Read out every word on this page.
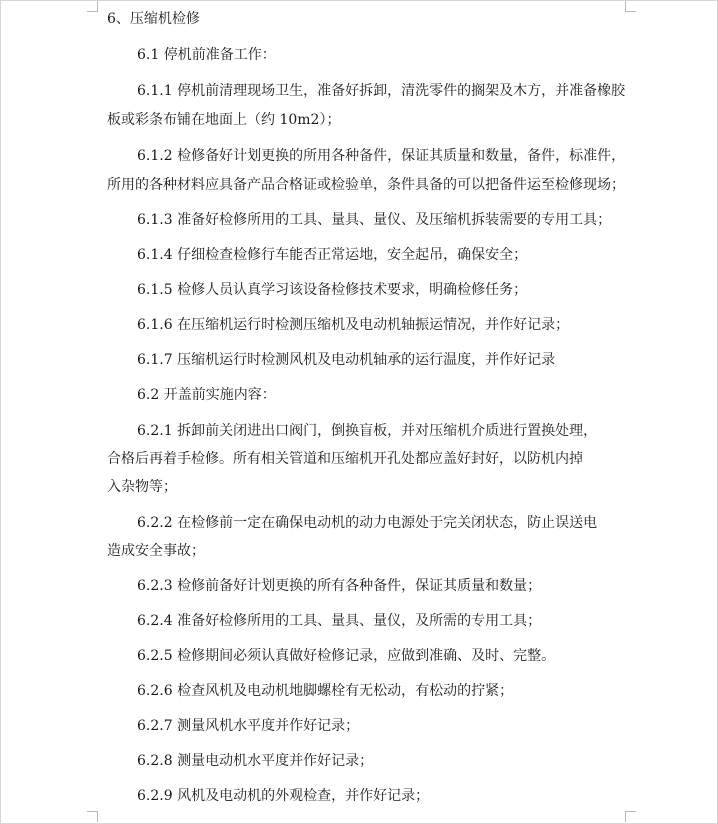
6、压缩机检修
6.1 停机前准备工作：
6.1.1 停机前清理现场卫生，准备好拆卸，清洗零件的搁架及木方，并准备橡胶
板或彩条布铺在地面上（约 10m2）；
6.1.2 检修备好计划更换的所用各种备件，保证其质量和数量，备件，标准件，
所用的各种材料应具备产品合格证或检验单，条件具备的可以把备件运至检修现场；
6.1.3 准备好检修所用的工具、量具、量仪、及压缩机拆装需要的专用工具；
6.1.4 仔细检查检修行车能否正常运地，安全起吊，确保安全；
6.1.5 检修人员认真学习该设备检修技术要求，明确检修任务；
6.1.6 在压缩机运行时检测压缩机及电动机轴振运情况，并作好记录；
6.1.7 压缩机运行时检测风机及电动机轴承的运行温度，并作好记录
6.2 开盖前实施内容：
6.2.1 拆卸前关闭进出口阀门，倒换盲板，并对压缩机介质进行置换处理，
合格后再着手检修。所有相关管道和压缩机开孔处都应盖好封好，以防机内掉
入杂物等；
6.2.2 在检修前一定在确保电动机的动力电源处于完关闭状态，防止误送电
造成安全事故；
6.2.3 检修前备好计划更换的所有各种备件，保证其质量和数量；
6.2.4 准备好检修所用的工具、量具、量仪，及所需的专用工具；
6.2.5 检修期间必须认真做好检修记录，应做到准确、及时、完整。
6.2.6 检查风机及电动机地脚螺栓有无松动，有松动的拧紧；
6.2.7 测量风机水平度并作好记录；
6.2.8 测量电动机水平度并作好记录；
6.2.9 风机及电动机的外观检查，并作好记录；
